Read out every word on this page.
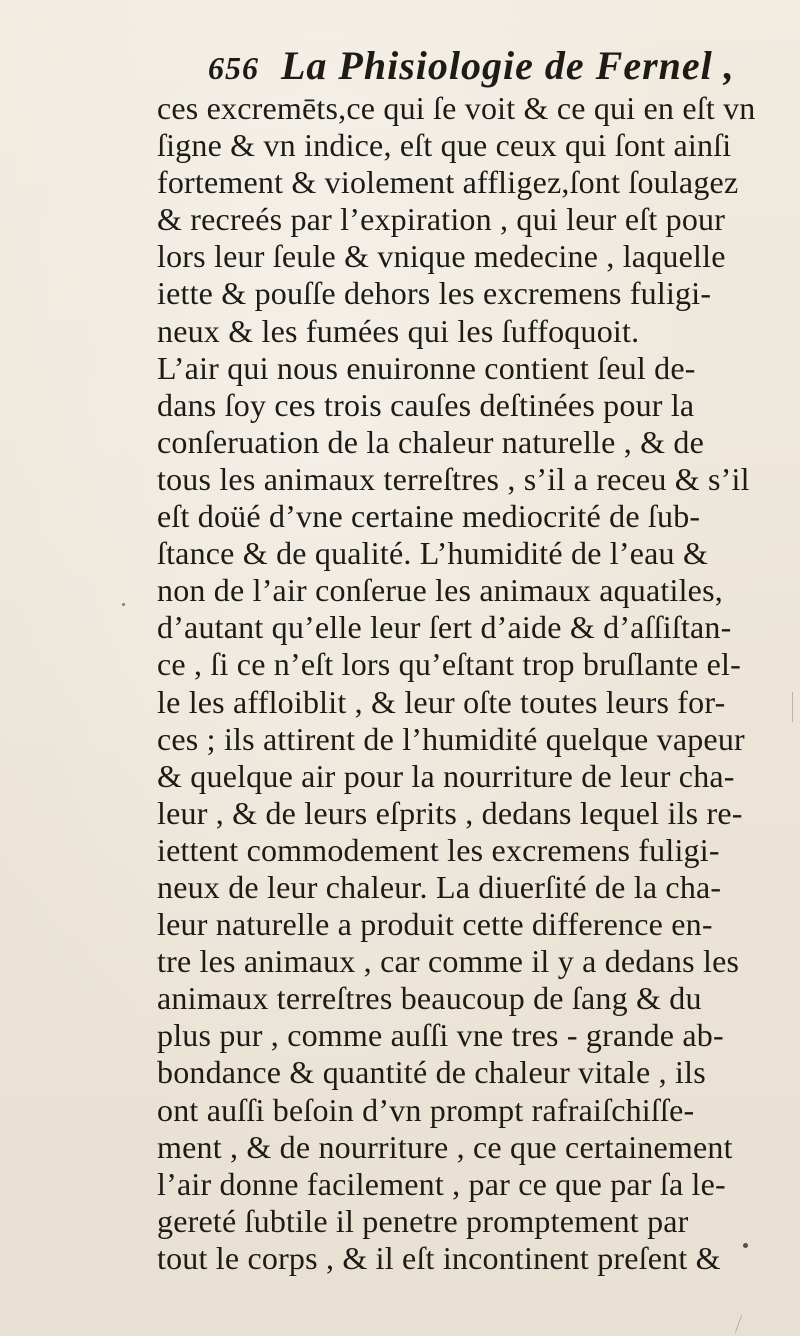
656 La Phisiologie de Fernel ,
ces excremēts,ce qui ſe voit & ce qui en eſt vn
ſigne & vn indice, eſt que ceux qui ſont ainſi
fortement & violement affligez,ſont ſoulagez
& recreés par l’expiration , qui leur eſt pour
lors leur ſeule & vnique medecine , laquelle
iette & pouſſe dehors les excremens fuligi-
neux & les fumées qui les ſuffoquoit.
L’air qui nous enuironne contient ſeul de-
dans ſoy ces trois cauſes deſtinées pour la
conſeruation de la chaleur naturelle , & de
tous les animaux terreſtres , s’il a receu & s’il
eſt doüé d’vne certaine mediocrité de ſub-
ſtance & de qualité. L’humidité de l’eau &
non de l’air conſerue les animaux aquatiles,
d’autant qu’elle leur ſert d’aide & d’aſſiſtan-
ce , ſi ce n’eſt lors qu’eſtant trop bruſlante el-
le les affloiblit , & leur oſte toutes leurs for-
ces ; ils attirent de l’humidité quelque vapeur
& quelque air pour la nourriture de leur cha-
leur , & de leurs eſprits , dedans lequel ils re-
iettent commodement les excremens fuligi-
neux de leur chaleur. La diuerſité de la cha-
leur naturelle a produit cette difference en-
tre les animaux , car comme il y a dedans les
animaux terreſtres beaucoup de ſang & du
plus pur , comme auſſi vne tres - grande ab-
bondance & quantité de chaleur vitale , ils
ont auſſi beſoin d’vn prompt rafraiſchiſſe-
ment , & de nourriture , ce que certainement
l’air donne facilement , par ce que par ſa le-
gereté ſubtile il penetre promptement par
tout le corps , & il eſt incontinent preſent &
